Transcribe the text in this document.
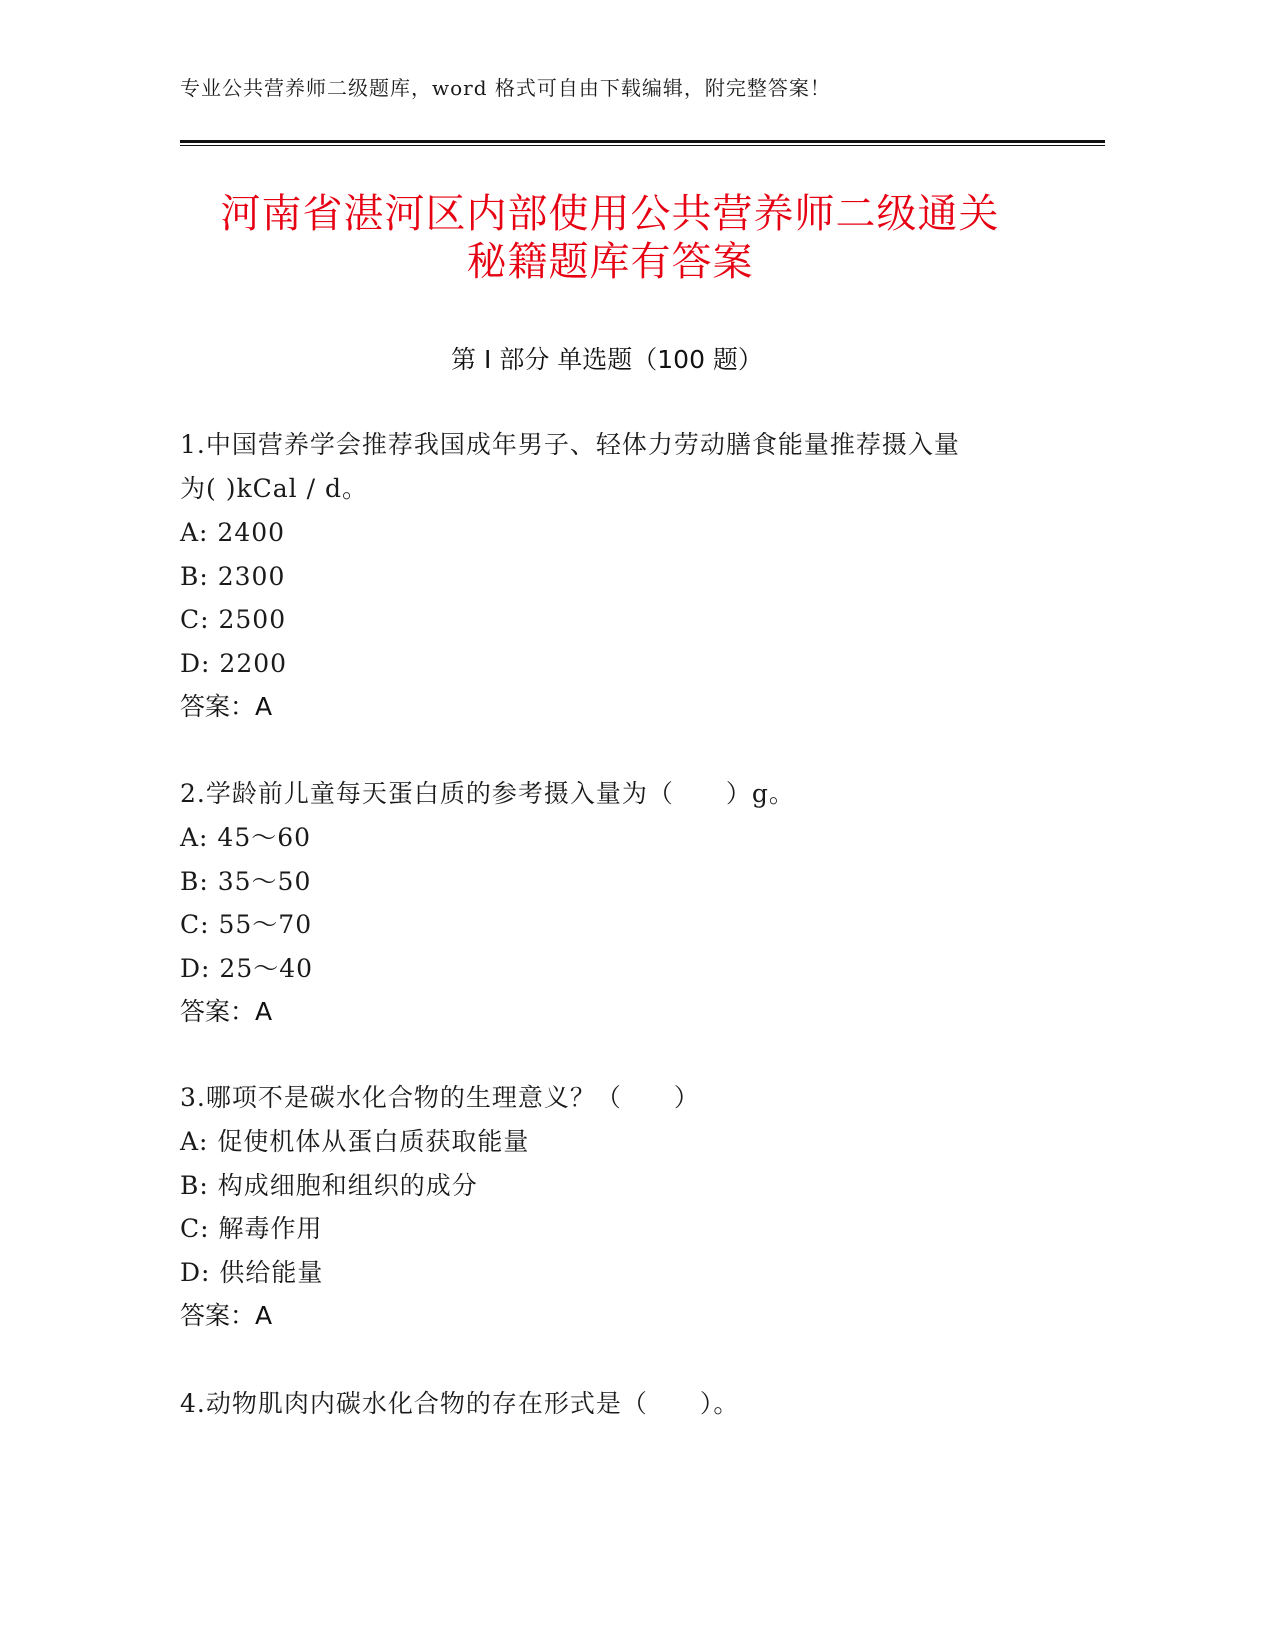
专业公共营养师二级题库，word 格式可自由下载编辑，附完整答案！
河南省湛河区内部使用公共营养师二级通关
秘籍题库有答案
第 I 部分 单选题（100 题）

1.中国营养学会推荐我国成年男子、轻体力劳动膳食能量推荐摄入量

为( )kCal / d。

A: 2400

B: 2300

C: 2500

D: 2200

答案：A

2.学龄前儿童每天蛋白质的参考摄入量为（　　）g。

A: 45～60

B: 35～50

C: 55～70

D: 25～40

答案：A

3.哪项不是碳水化合物的生理意义？（　　）

A: 促使机体从蛋白质获取能量

B: 构成细胞和组织的成分

C: 解毒作用

D: 供给能量

答案：A

4.动物肌肉内碳水化合物的存在形式是（　　）。
